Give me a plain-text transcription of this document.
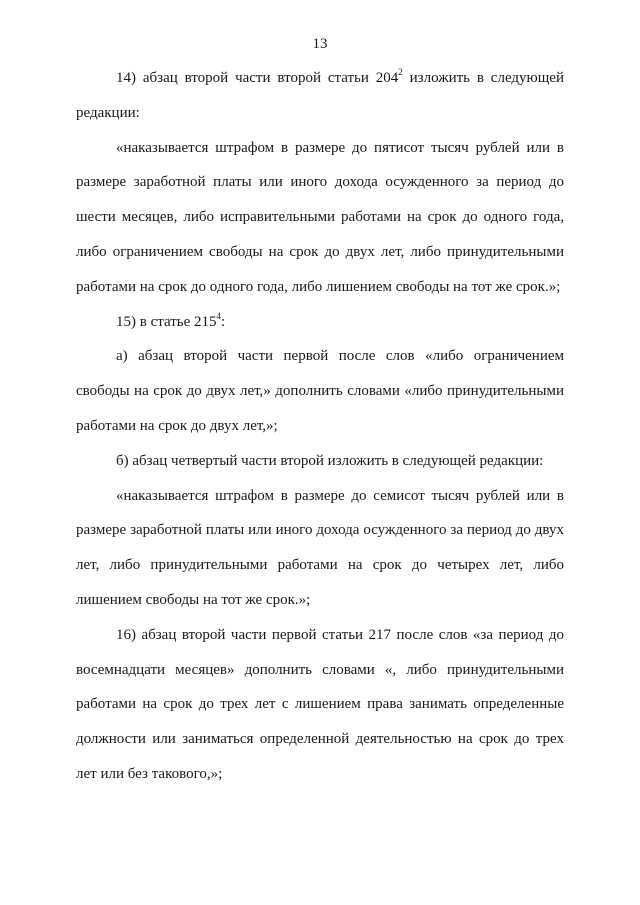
13

14) абзац второй части второй статьи $204^2$ изложить в следующей редакции:

«наказывается штрафом в размере до пятисот тысяч рублей или в размере заработной платы или иного дохода осужденного за период до шести месяцев, либо исправительными работами на срок до одного года, либо ограничением свободы на срок до двух лет, либо принудительными работами на срок до одного года, либо лишением свободы на тот же срок.»;

15) в статье $215^4$:

а) абзац второй части первой после слов «либо ограничением свободы на срок до двух лет,» дополнить словами «либо принудительными работами на срок до двух лет,»;

б) абзац четвертый части второй изложить в следующей редакции:

«наказывается штрафом в размере до семисот тысяч рублей или в размере заработной платы или иного дохода осужденного за период до двух лет, либо принудительными работами на срок до четырех лет, либо лишением свободы на тот же срок.»;

16) абзац второй части первой статьи 217 после слов «за период до восемнадцати месяцев» дополнить словами «, либо принудительными работами на срок до трех лет с лишением права занимать определенные должности или заниматься определенной деятельностью на срок до трех лет или без такового,»;
